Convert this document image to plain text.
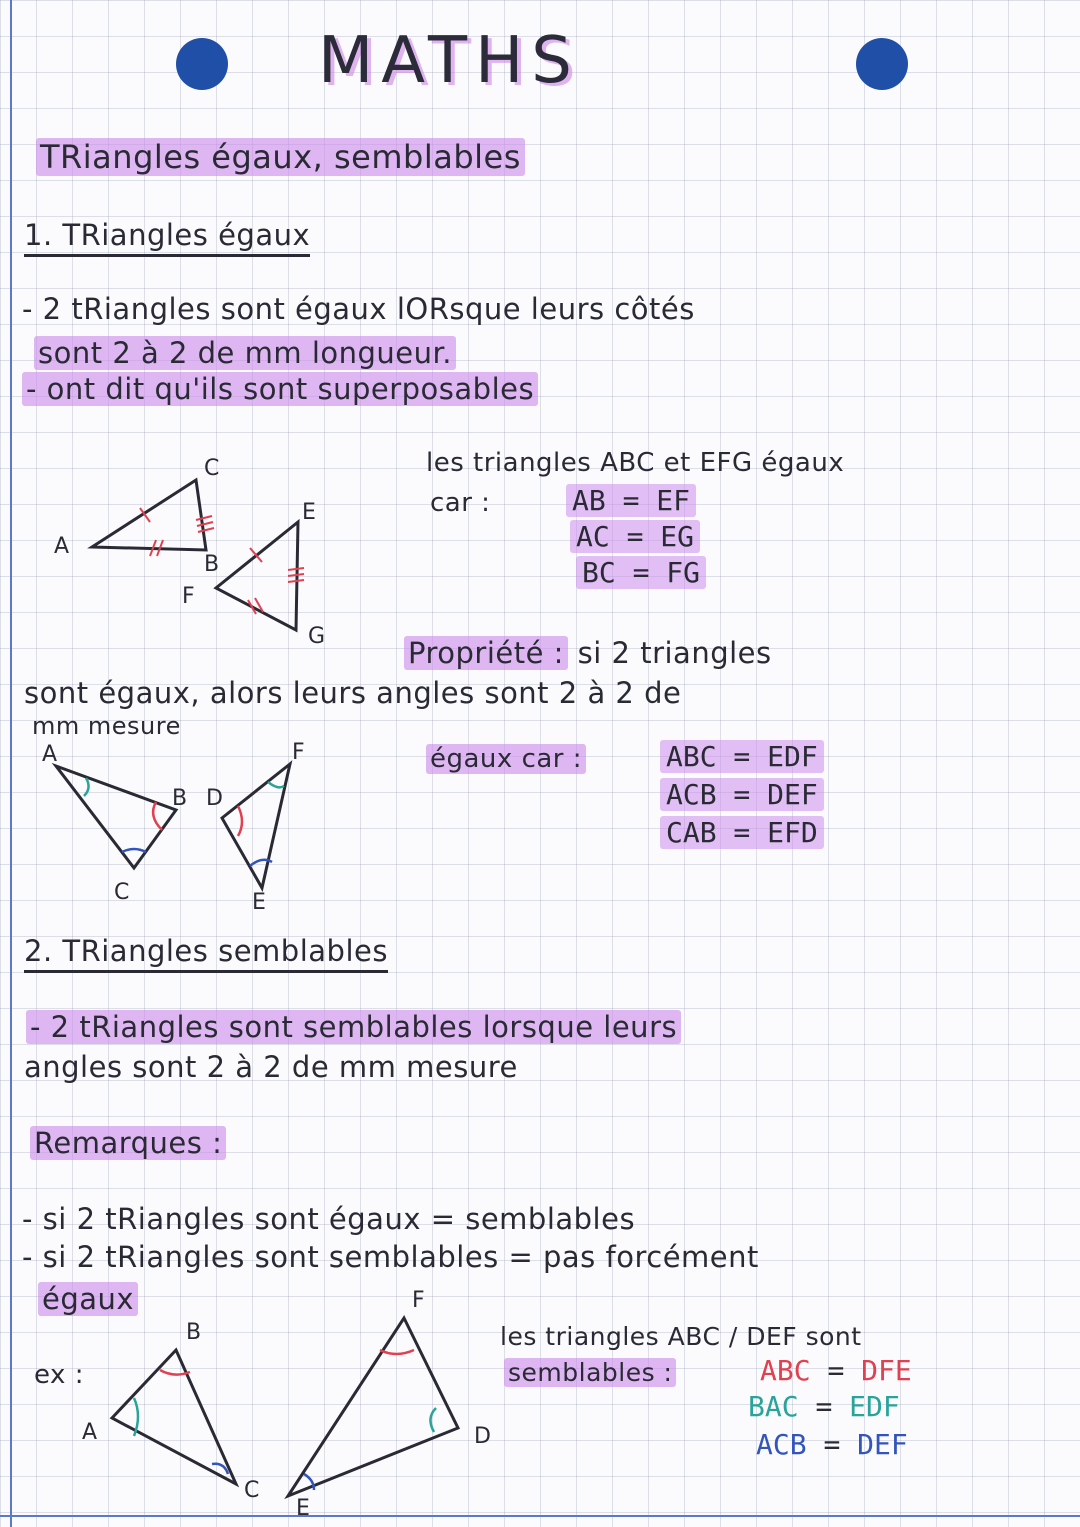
MATHS
TRiangles égaux, semblables
1. TRiangles égaux
- 2 tRiangles sont égaux lORsque leurs côtés
sont 2 à 2 de mm longueur.
- ont dit qu'ils sont superposables
A
C
B
E
F
G
les triangles ABC et EFG égaux
car :	AB = EF
AC = EG
BC = FG
Propriété : si 2 triangles
sont égaux, alors leurs angles sont 2 à 2 de
mm mesure
A
B
C
D
E
F	égaux car :	ABC = EDF
ACB = DEF
CAB = EFD
2. TRiangles semblables
- 2 tRiangles sont semblables lorsque leurs
angles sont 2 à 2 de mm mesure
Remarques :
- si 2 tRiangles sont égaux = semblables
- si 2 tRiangles sont semblables = pas forcément
égaux
ex :
A
B
C
D
E
F
les triangles ABC / DEF sont
semblables :	ABC = DFE
BAC = EDF
ACB = DEF
